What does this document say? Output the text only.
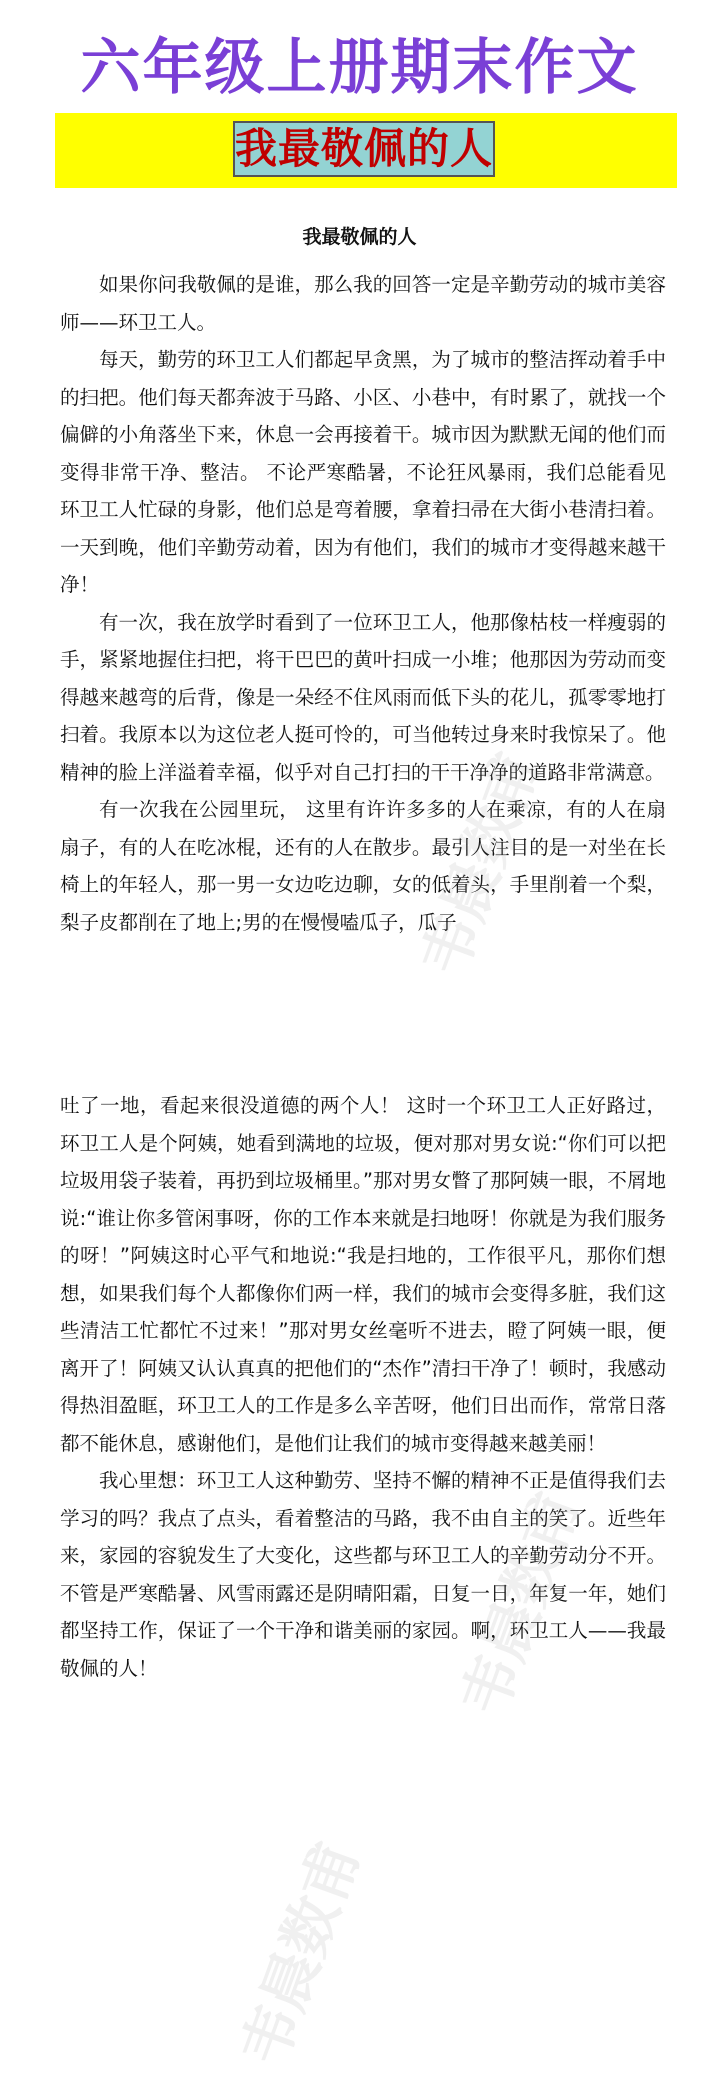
六年级上册期末作文
我最敬佩的人
我最敬佩的人

如果你问我敬佩的是谁，那么我的回答一定是辛勤劳动的城市美容师——环卫工人。

每天，勤劳的环卫工人们都起早贪黑，为了城市的整洁挥动着手中的扫把。他们每天都奔波于马路、小区、小巷中，有时累了，就找一个偏僻的小角落坐下来，休息一会再接着干。城市因为默默无闻的他们而变得非常干净、整洁。 不论严寒酷暑，不论狂风暴雨，我们总能看见环卫工人忙碌的身影，他们总是弯着腰，拿着扫帚在大街小巷清扫着。一天到晚，他们辛勤劳动着，因为有他们，我们的城市才变得越来越干净！

有一次，我在放学时看到了一位环卫工人，他那像枯枝一样瘦弱的手，紧紧地握住扫把，将干巴巴的黄叶扫成一小堆；他那因为劳动而变得越来越弯的后背，像是一朵经不住风雨而低下头的花儿，孤零零地打扫着。我原本以为这位老人挺可怜的，可当他转过身来时我惊呆了。他精神的脸上洋溢着幸福，似乎对自己打扫的干干净净的道路非常满意。

有一次我在公园里玩， 这里有许许多多的人在乘凉，有的人在扇扇子，有的人在吃冰棍，还有的人在散步。最引人注目的是一对坐在长椅上的年轻人，那一男一女边吃边聊，女的低着头，手里削着一个梨，梨子皮都削在了地上;男的在慢慢嗑瓜子，瓜子

吐了一地，看起来很没道德的两个人！ 这时一个环卫工人正好路过，环卫工人是个阿姨，她看到满地的垃圾，便对那对男女说:“你们可以把垃圾用袋子装着，再扔到垃圾桶里。”那对男女瞥了那阿姨一眼，不屑地说:“谁让你多管闲事呀，你的工作本来就是扫地呀！你就是为我们服务的呀！”阿姨这时心平气和地说:“我是扫地的，工作很平凡，那你们想想，如果我们每个人都像你们两一样，我们的城市会变得多脏，我们这些清洁工忙都忙不过来！”那对男女丝毫听不进去，瞪了阿姨一眼，便离开了！阿姨又认认真真的把他们的“杰作”清扫干净了！顿时，我感动得热泪盈眶，环卫工人的工作是多么辛苦呀，他们日出而作，常常日落都不能休息，感谢他们，是他们让我们的城市变得越来越美丽！

我心里想：环卫工人这种勤劳、坚持不懈的精神不正是值得我们去学习的吗？我点了点头，看着整洁的马路，我不由自主的笑了。近些年来，家园的容貌发生了大变化，这些都与环卫工人的辛勤劳动分不开。不管是严寒酷暑、风雪雨露还是阴晴阳霜，日复一日，年复一年，她们都坚持工作，保证了一个干净和谐美丽的家园。啊，环卫工人——我最敬佩的人！

韦晨数甫
韦晨数甫
韦晨数甫
